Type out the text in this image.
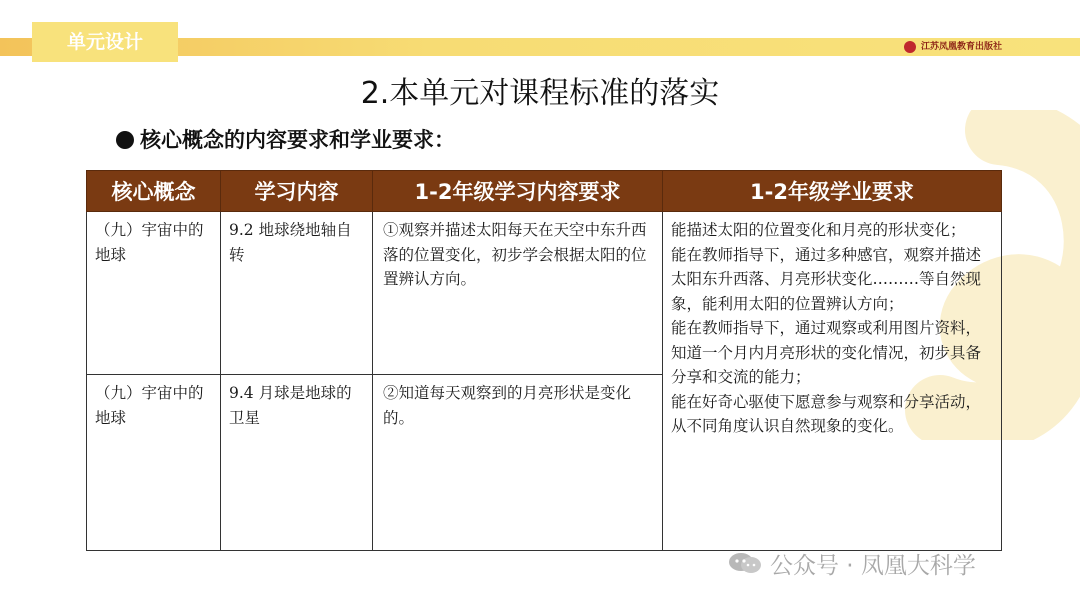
单元设计	江苏凤凰教育出版社
2.本单元对课程标准的落实
核心概念的内容要求和学业要求：
核心概念	学习内容	1-2年级学习内容要求	1-2年级学业要求
（九）宇宙中的地球	9.2 地球绕地轴自转	①观察并描述太阳每天在天空中东升西落的位置变化，初步学会根据太阳的位置辨认方向。	能描述太阳的位置变化和月亮的形状变化；
能在教师指导下，通过多种感官，观察并描述太阳东升西落、月亮形状变化………等自然现象，能利用太阳的位置辨认方向；
能在教师指导下，通过观察或利用图片资料，知道一个月内月亮形状的变化情况，初步具备分享和交流的能力；
能在好奇心驱使下愿意参与观察和分享活动，从不同角度认识自然现象的变化。

（九）宇宙中的地球	9.4 月球是地球的卫星	②知道每天观察到的月亮形状是变化的。	
公众号 · 凤凰大科学
